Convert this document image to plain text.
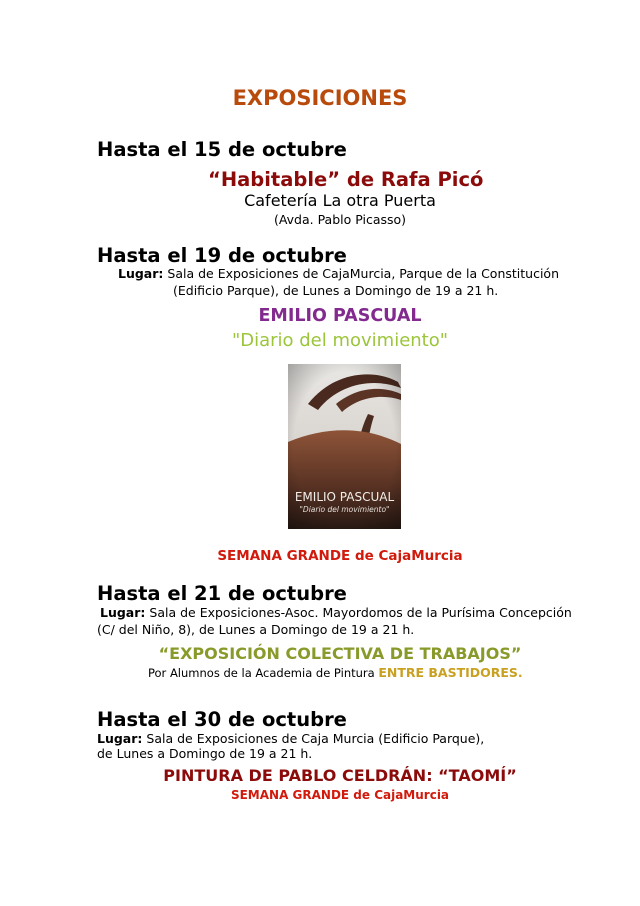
EXPOSICIONES
Hasta el 15 de octubre
“Habitable” de Rafa Picó
Cafetería La otra Puerta
(Avda. Pablo Picasso)
Hasta el 19 de octubre
Lugar: Sala de Exposiciones de CajaMurcia, Parque de la Constitución
(Edificio Parque), de Lunes a Domingo de 19 a 21 h.
EMILIO PASCUAL
"Diario del movimiento"
EMILIO PASCUAL
"Diario del movimiento"
SEMANA GRANDE de CajaMurcia
Hasta el 21 de octubre
Lugar: Sala de Exposiciones-Asoc. Mayordomos de la Purísima Concepción
(C/ del Niño, 8), de Lunes a Domingo de 19 a 21 h.
“EXPOSICIÓN COLECTIVA DE TRABAJOS”
Por Alumnos de la Academia de Pintura ENTRE BASTIDORES.
Hasta el 30 de octubre
Lugar: Sala de Exposiciones de Caja Murcia (Edificio Parque),
de Lunes a Domingo de 19 a 21 h.
PINTURA DE PABLO CELDRÁN: “TAOMÍ”
SEMANA GRANDE de CajaMurcia
